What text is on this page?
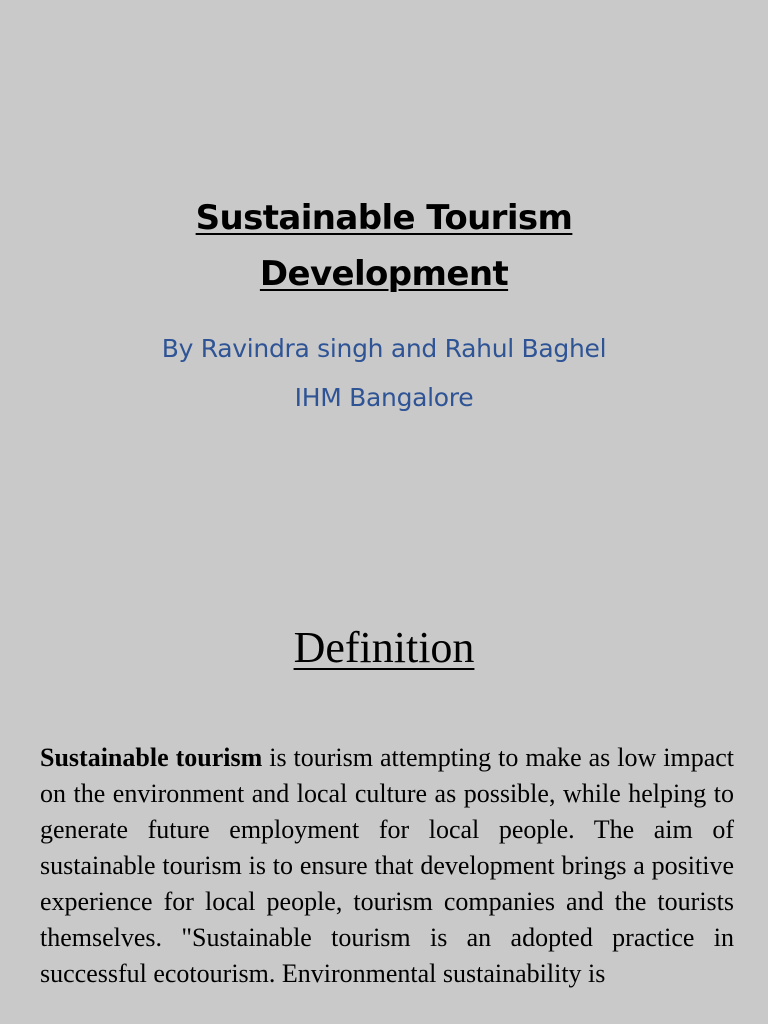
Sustainable Tourism
Development
By Ravindra singh and Rahul Baghel
IHM Bangalore
Definition
Sustainable tourism is tourism attempting to make as low impact on the environment and local culture as possible, while helping to generate future employment for local people. The aim of sustainable tourism is to ensure that development brings a positive experience for local people, tourism companies and the tourists themselves. "Sustainable tourism is an adopted practice in successful ecotourism. Environmental sustainability is
